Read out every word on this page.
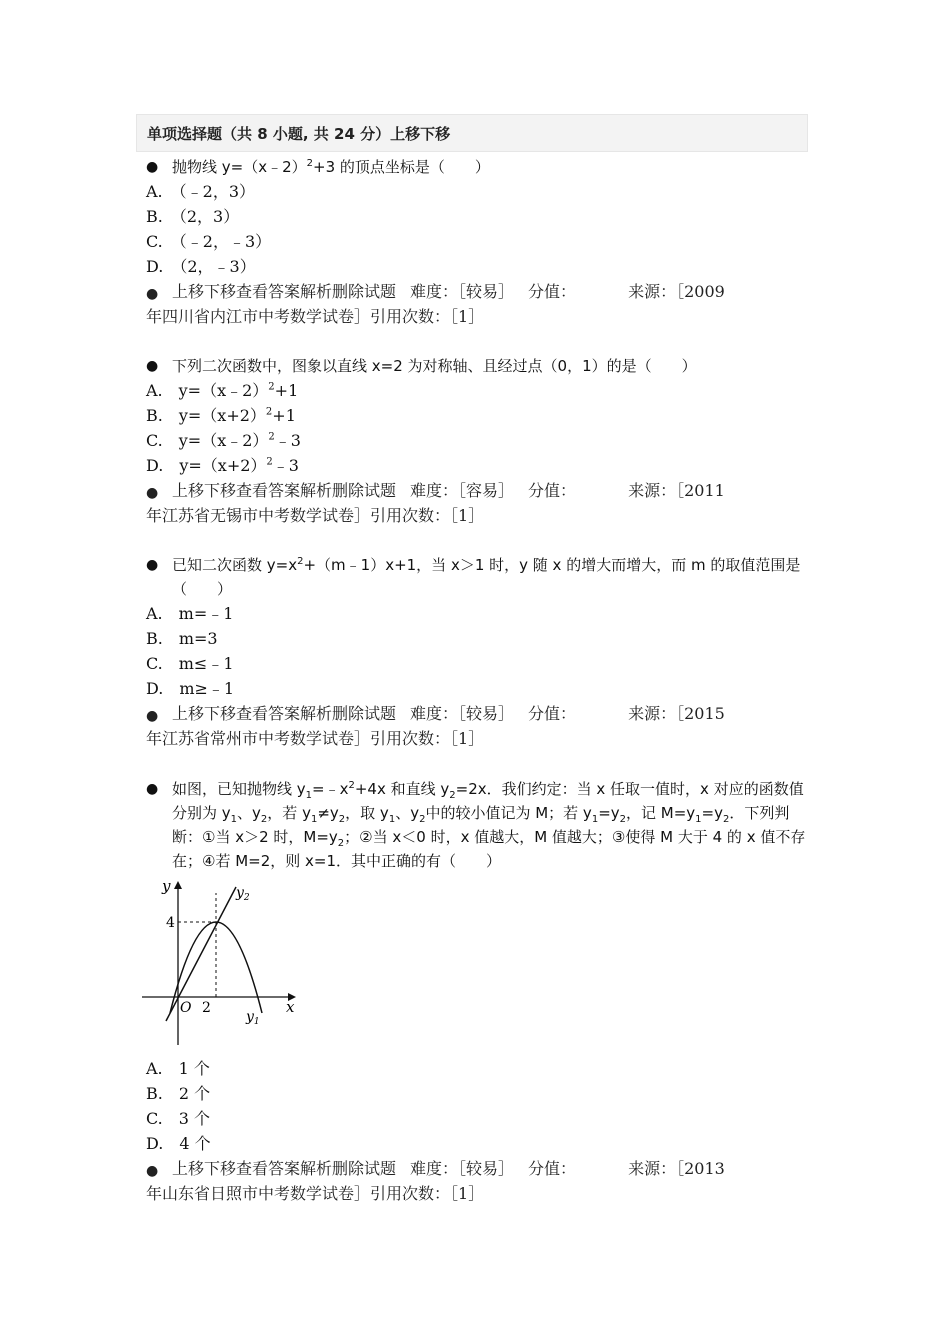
单项选择题（共 8 小题, 共 24 分）上移下移

● 抛物线 y=（x﹣2）$^2$+3 的顶点坐标是（　　）

A.　（﹣2，3）

B.　（2，3）

C.　（﹣2，﹣3）

D.　（2，﹣3）

● 上移下移查看答案解析删除试题 难度：［较易］ 分值：	来源：［2009
年四川省内江市中考数学试卷］引用次数：［1］

● 下列二次函数中，图象以直线 x=2 为对称轴、且经过点（0，1）的是（　　）

A.　y=（x﹣2）$^2$+1

B.　$y=(x+2)^2+1$

C.　y=（x﹣2）$^2$﹣3

D.　$y=(x+2)^2﹣3$

● 上移下移查看答案解析删除试题 难度：［容易］ 分值：	来源：［2011
年江苏省无锡市中考数学试卷］引用次数：［1］

● 已知二次函数 $y=x^2+(m﹣1)x+1$，当 x＞1 时，y 随 x 的增大而增大，而 m 的取值范围是（　　）

A.　m=﹣1

B.　m=3

C.　m≤﹣1

D.　m≥﹣1

● 上移下移查看答案解析删除试题 难度：［较易］ 分值：	来源：［2015
年江苏省常州市中考数学试卷］引用次数：［1］

● 如图，已知抛物线 $y_1=﹣x^2+4x$ 和直线 $y_2=2x$．我们约定：当 x 任取一值时，x 对应的函数值分别为 $y_1$、$y_2$，若 $y_1\ne y_2$，取 $y_1$、$y_2$中的较小值记为 M；若 $y_1=y_2$，记 $M=y_1=y_2$．下列判断：①当 x＞2 时，$M=y_2$；②当 x＜0 时，x 值越大，M 值越大；③使得 M 大于 4 的 x 值不存在；④若 M=2，则 x=1．其中正确的有（　　）

y
x
O 2
4
$y_2$
$y_1$

A.　1 个

B.　2 个

C.　3 个

D.　4 个

● 上移下移查看答案解析删除试题 难度：［较易］ 分值：	来源：［2013
年山东省日照市中考数学试卷］引用次数：［1］
